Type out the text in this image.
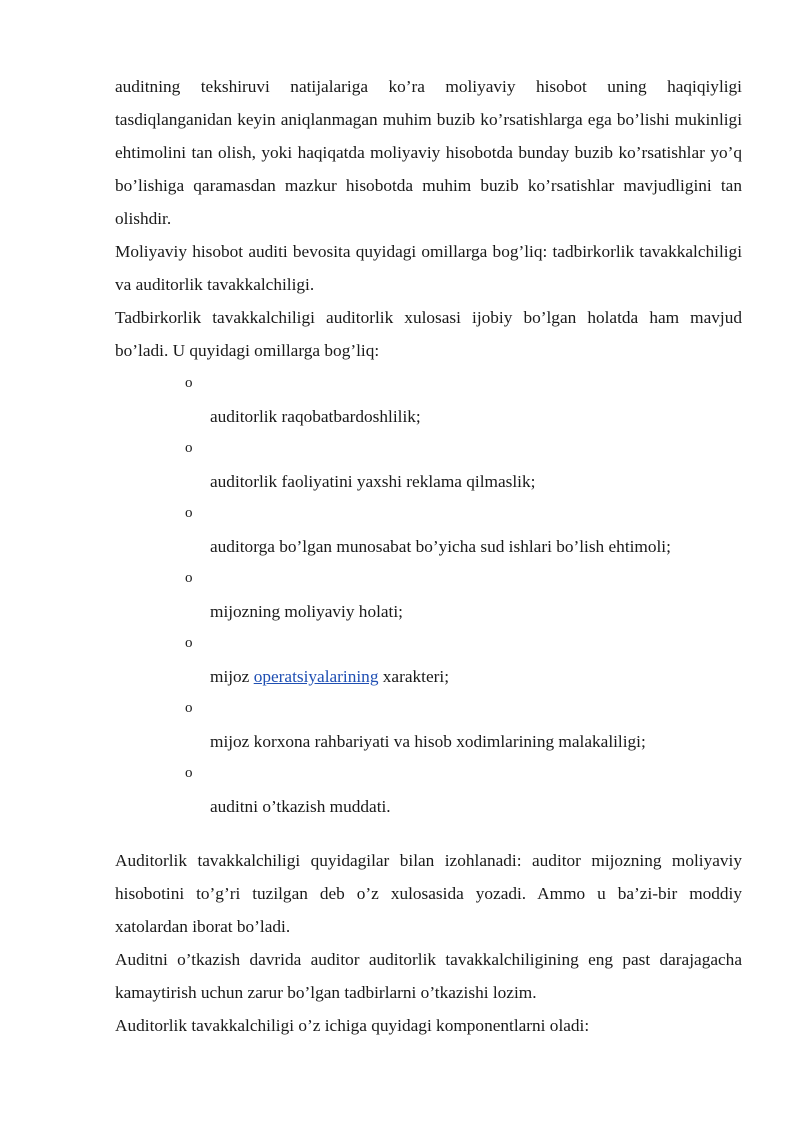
auditning tekshiruvi natijalariga ko’ra moliyaviy hisobot uning haqiqiyligi tasdiqlanganidan keyin aniqlanmagan muhim buzib ko’rsatishlarga ega bo’lishi mukinligi ehtimolini tan olish, yoki haqiqatda moliyaviy hisobotda bunday buzib ko’rsatishlar yo’q bo’lishiga qaramasdan mazkur hisobotda muhim buzib ko’rsatishlar mavjudligini tan olishdir.

Moliyaviy hisobot auditi bevosita quyidagi omillarga bog’liq: tadbirkorlik tavakkalchiligi va auditorlik tavakkalchiligi.

Tadbirkorlik tavakkalchiligi auditorlik xulosasi ijobiy bo’lgan holatda ham mavjud bo’ladi. U quyidagi omillarga bog’liq:

o
auditorlik raqobatbardoshlilik;
o
auditorlik faoliyatini yaxshi reklama qilmaslik;
o
auditorga bo’lgan munosabat bo’yicha sud ishlari bo’lish ehtimoli;
o
mijozning moliyaviy holati;
o
mijoz operatsiyalarining xarakteri;
o
mijoz korxona rahbariyati va hisob xodimlarining malakaliligi;
o
auditni o’tkazish muddati.

Auditorlik tavakkalchiligi quyidagilar bilan izohlanadi: auditor mijozning moliyaviy hisobotini to’g’ri tuzilgan deb o’z xulosasida yozadi. Ammo u ba’zi-bir moddiy xatolardan iborat bo’ladi.

Auditni o’tkazish davrida auditor auditorlik tavakkalchiligining eng past darajagacha kamaytirish uchun zarur bo’lgan tadbirlarni o’tkazishi lozim.

Auditorlik tavakkalchiligi o’z ichiga quyidagi komponentlarni oladi:
